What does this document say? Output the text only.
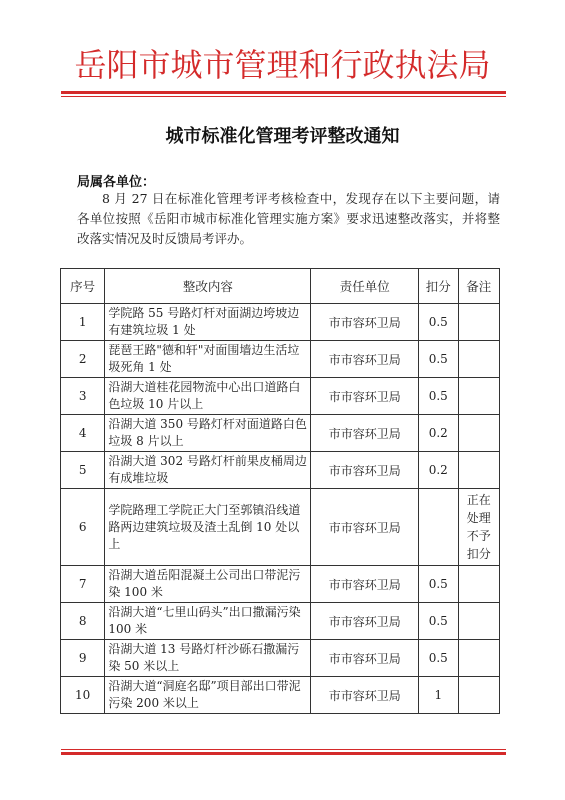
岳阳市城市管理和行政执法局
城市标准化管理考评整改通知
局属各单位：
8 月 27 日在标准化管理考评考核检查中，发现存在以下主要问题，请各单位按照《岳阳市城市标准化管理实施方案》要求迅速整改落实，并将整改落实情况及时反馈局考评办。
序号	整改内容	责任单位	扣分	备注
1	学院路 55 号路灯杆对面湖边垮坡边有建筑垃圾 1 处	市市容环卫局	0.5	
2	琵琶王路"德和轩"对面围墙边生活垃圾死角 1 处	市市容环卫局	0.5	
3	沿湖大道桂花园物流中心出口道路白色垃圾 10 片以上	市市容环卫局	0.5	
4	沿湖大道 350 号路灯杆对面道路白色垃圾 8 片以上	市市容环卫局	0.2	
5	沿湖大道 302 号路灯杆前果皮桶周边有成堆垃圾	市市容环卫局	0.2	
6	学院路理工学院正大门至郭镇沿线道路两边建筑垃圾及渣土乱倒 10 处以上	市市容环卫局		正在处理不予扣分
7	沿湖大道岳阳混凝土公司出口带泥污染 100 米	市市容环卫局	0.5	
8	沿湖大道“七里山码头”出口撒漏污染 100 米	市市容环卫局	0.5	
9	沿湖大道 13 号路灯杆沙砾石撒漏污染 50 米以上	市市容环卫局	0.5	
10	沿湖大道“洞庭名邸”项目部出口带泥污染 200 米以上	市市容环卫局	1	
